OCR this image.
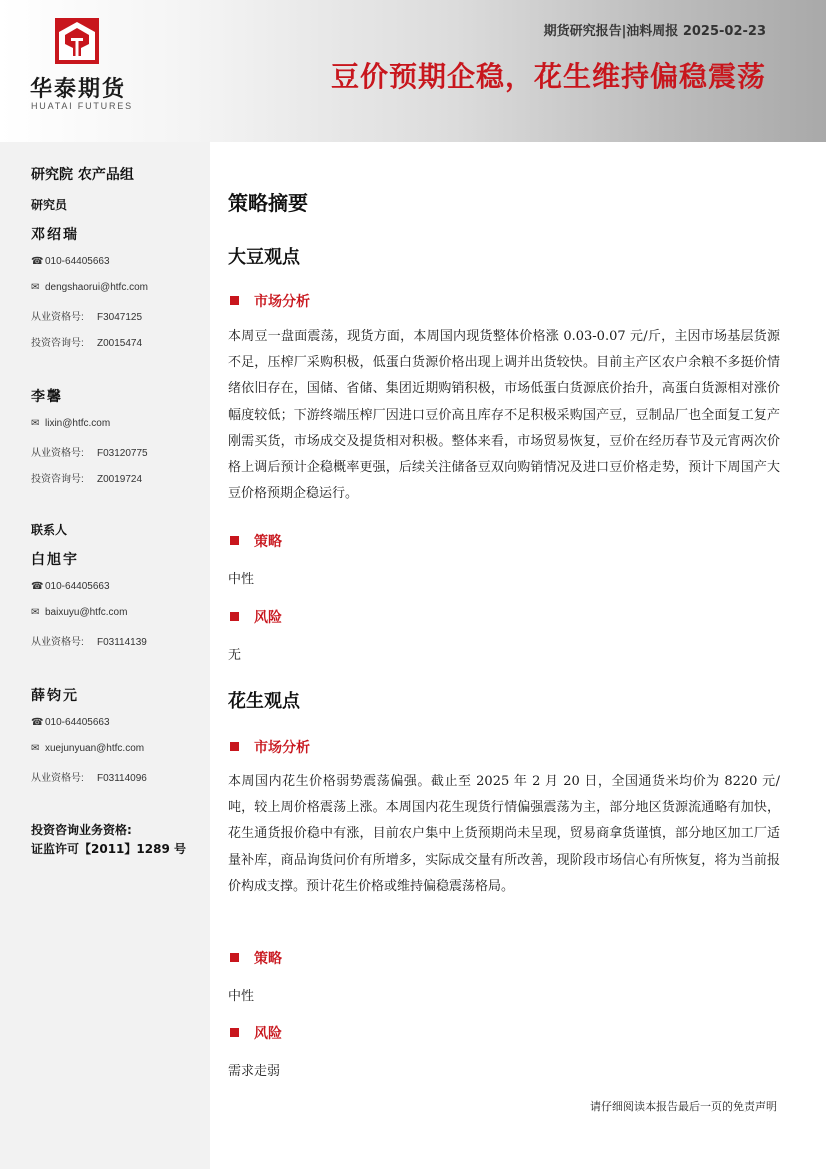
华泰期货
HUATAI FUTURES
期货研究报告|油料周报 2025-02-23
豆价预期企稳，花生维持偏稳震荡
研究院 农产品组
研究员
邓绍瑞
☎ 010-64405663
✉ dengshaorui@htfc.com
从业资格号: F3047125
投资咨询号: Z0015474
李馨
✉ lixin@htfc.com
从业资格号: F03120775
投资咨询号: Z0019724
联系人
白旭宇
☎ 010-64405663
✉ baixuyu@htfc.com
从业资格号: F03114139
薛钧元
☎ 010-64405663
✉ xuejunyuan@htfc.com
从业资格号: F03114096
投资咨询业务资格:
证监许可【2011】1289 号
策略摘要
大豆观点
市场分析
本周豆一盘面震荡，现货方面，本周国内现货整体价格涨 0.03-0.07 元/斤，主因市场基层货源不足，压榨厂采购积极，低蛋白货源价格出现上调并出货较快。目前主产区农户余粮不多挺价情绪依旧存在，国储、省储、集团近期购销积极，市场低蛋白货源底价抬升，高蛋白货源相对涨价幅度较低；下游终端压榨厂因进口豆价高且库存不足积极采购国产豆，豆制品厂也全面复工复产刚需买货，市场成交及提货相对积极。整体来看，市场贸易恢复，豆价在经历春节及元宵两次价格上调后预计企稳概率更强，后续关注储备豆双向购销情况及进口豆价格走势，预计下周国产大豆价格预期企稳运行。
策略
中性
风险
无
花生观点
市场分析
本周国内花生价格弱势震荡偏强。截止至 2025 年 2 月 20 日，全国通货米均价为 8220 元/吨，较上周价格震荡上涨。本周国内花生现货行情偏强震荡为主，部分地区货源流通略有加快，花生通货报价稳中有涨，目前农户集中上货预期尚未呈现，贸易商拿货谨慎，部分地区加工厂适量补库，商品询货问价有所增多，实际成交量有所改善，现阶段市场信心有所恢复，将为当前报价构成支撑。预计花生价格或维持偏稳震荡格局。
策略
中性
风险
需求走弱
请仔细阅读本报告最后一页的免责声明
